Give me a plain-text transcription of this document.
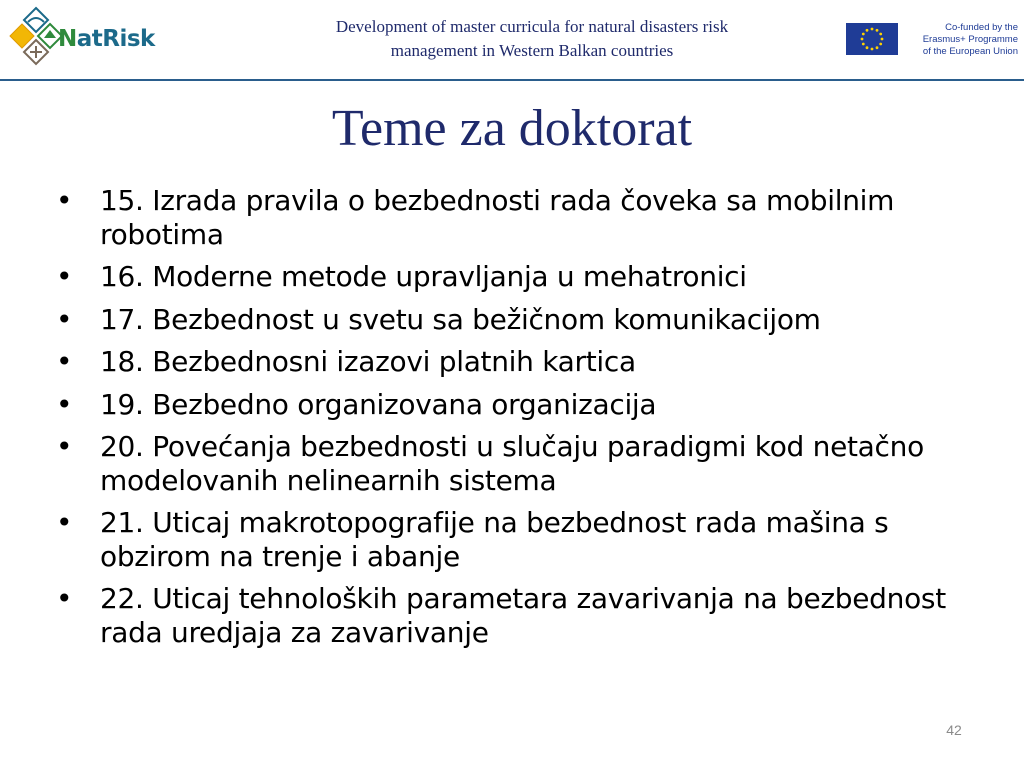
NatRisk	Development of master curricula for natural disasters risk
management in Western Balkan countries
Co-funded by the
Erasmus+ Programme
of the European Union
Teme za doktorat
• 15. Izrada pravila o bezbednosti rada čoveka sa mobilnim robotima
• 16. Moderne metode upravljanja u mehatronici
• 17. Bezbednost u svetu sa bežičnom komunikacijom
• 18. Bezbednosni izazovi platnih kartica
• 19. Bezbedno organizovana organizacija
• 20. Povećanja bezbednosti u slučaju paradigmi kod netačno modelovanih nelinearnih sistema
• 21. Uticaj makrotopografije na bezbednost rada mašina s obzirom na trenje i abanje
• 22. Uticaj tehnoloških parametara zavarivanja na bezbednost rada uredjaja za zavarivanje
42
